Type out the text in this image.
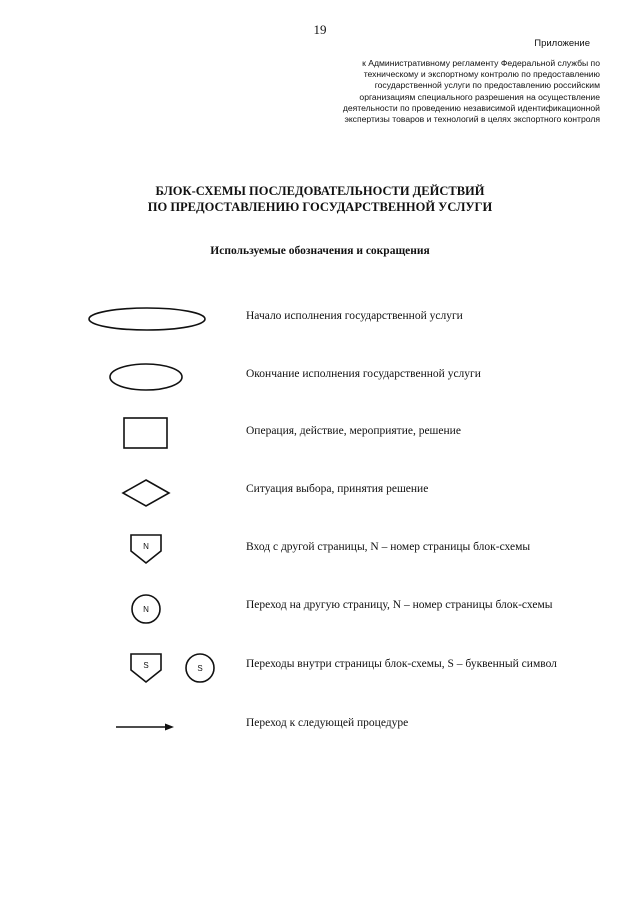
19
Приложение
к Административному регламенту Федеральной службы по
техническому и экспортному контролю по предоставлению
государственной услуги по предоставлению российским
организациям специального разрешения на осуществление
деятельности по проведению независимой идентификационной
экспертизы товаров и технологий в целях экспортного контроля
БЛОК-СХЕМЫ ПОСЛЕДОВАТЕЛЬНОСТИ ДЕЙСТВИЙ
ПО ПРЕДОСТАВЛЕНИЮ ГОСУДАРСТВЕННОЙ УСЛУГИ
Используемые обозначения и сокращения
Начало исполнения государственной услуги
Окончание исполнения государственной услуги
Операция, действие, мероприятие, решение
Ситуация выбора, принятия решение
N	Вход с другой страницы, N – номер страницы блок-схемы
N	Переход на другую страницу, N – номер страницы блок-схемы
S	S	Переходы внутри страницы блок-схемы, S – буквенный символ
Переход к следующей процедуре
